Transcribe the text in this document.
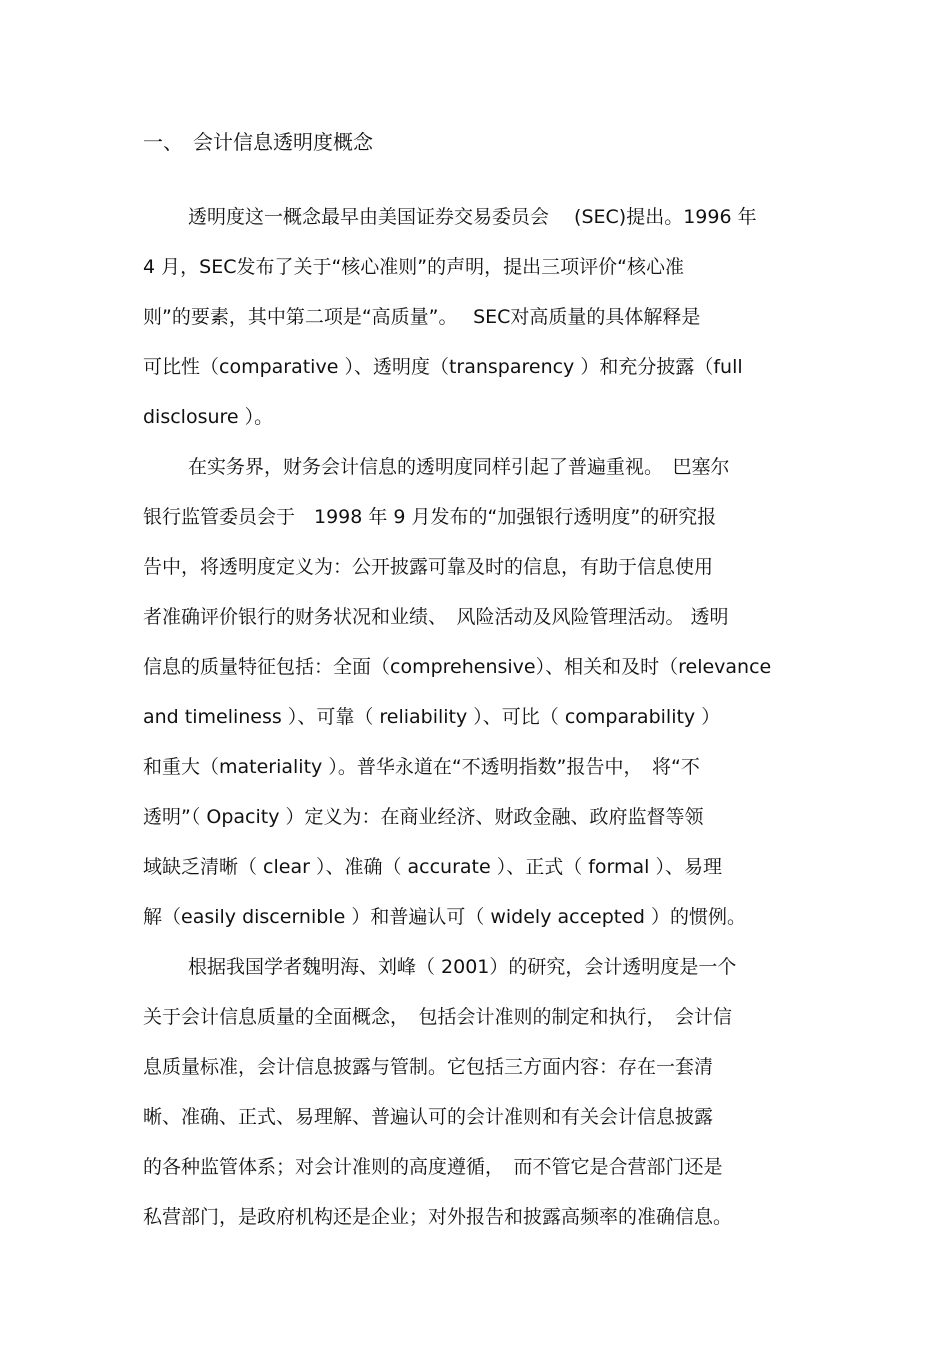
一、 会计信息透明度概念
透明度这一概念最早由美国证券交易委员会　 (SEC)提出。1996 年
4 月，SEC发布了关于“核心准则”的声明，提出三项评价“核心准
则”的要素，其中第二项是“高质量”。　 SEC对高质量的具体解释是
可比性（comparative ）、透明度（transparency ）和充分披露（full
disclosure ）。
在实务界，财务会计信息的透明度同样引起了普遍重视。　巴塞尔
银行监管委员会于　1998 年 9 月发布的“加强银行透明度”的研究报
告中，将透明度定义为：公开披露可靠及时的信息，有助于信息使用
者准确评价银行的财务状况和业绩、　风险活动及风险管理活动。 透明
信息的质量特征包括：全面（comprehensive）、相关和及时（relevance
and timeliness ）、可靠（ reliability ）、可比（ comparability ）
和重大（materiality ）。普华永道在“不透明指数”报告中，　将“不
透明”（ Opacity ）定义为：在商业经济、财政金融、政府监督等领
域缺乏清晰（ clear ）、准确（ accurate ）、正式（ formal ）、易理
解（easily discernible ）和普遍认可（ widely accepted ）的惯例。
根据我国学者魏明海、刘峰（ 2001）的研究，会计透明度是一个
关于会计信息质量的全面概念，　包括会计准则的制定和执行，　会计信
息质量标准，会计信息披露与管制。它包括三方面内容：存在一套清
晰、准确、正式、易理解、普遍认可的会计准则和有关会计信息披露
的各种监管体系；对会计准则的高度遵循，　而不管它是合营部门还是
私营部门，是政府机构还是企业；对外报告和披露高频率的准确信息。
